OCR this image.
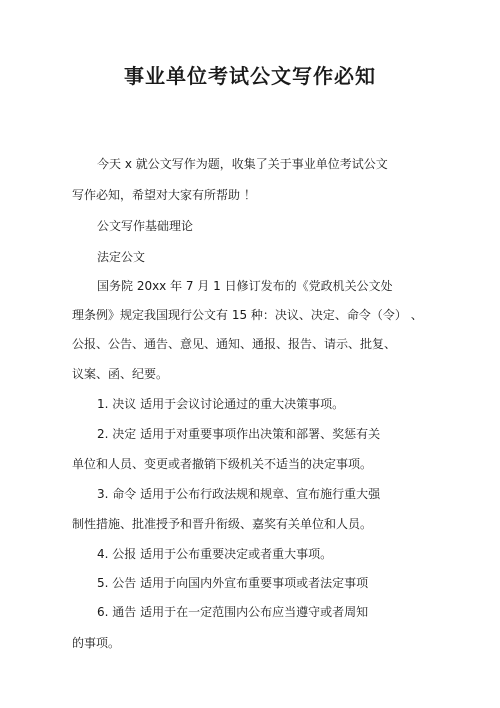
事业单位考试公文写作必知
今天 x 就公文写作为题，收集了关于事业单位考试公文
写作必知，希望对大家有所帮助 ！
公文写作基础理论
法定公文
国务院 20xx 年 7 月 1 日修订发布的《党政机关公文处
理条例》规定我国现行公文有 15 种：决议、决定、命令（令） 、
公报、公告、通告、意见、通知、通报、报告、请示、批复、
议案、函、纪要。
1. 决议 适用于会议讨论通过的重大决策事项。
2. 决定 适用于对重要事项作出决策和部署、奖惩有关
单位和人员、变更或者撤销下级机关不适当的决定事项。
3. 命令 适用于公布行政法规和规章、宣布施行重大强
制性措施、批准授予和晋升衔级、嘉奖有关单位和人员。
4. 公报 适用于公布重要决定或者重大事项。
5. 公告 适用于向国内外宣布重要事项或者法定事项
6. 通告 适用于在一定范围内公布应当遵守或者周知
的事项。
